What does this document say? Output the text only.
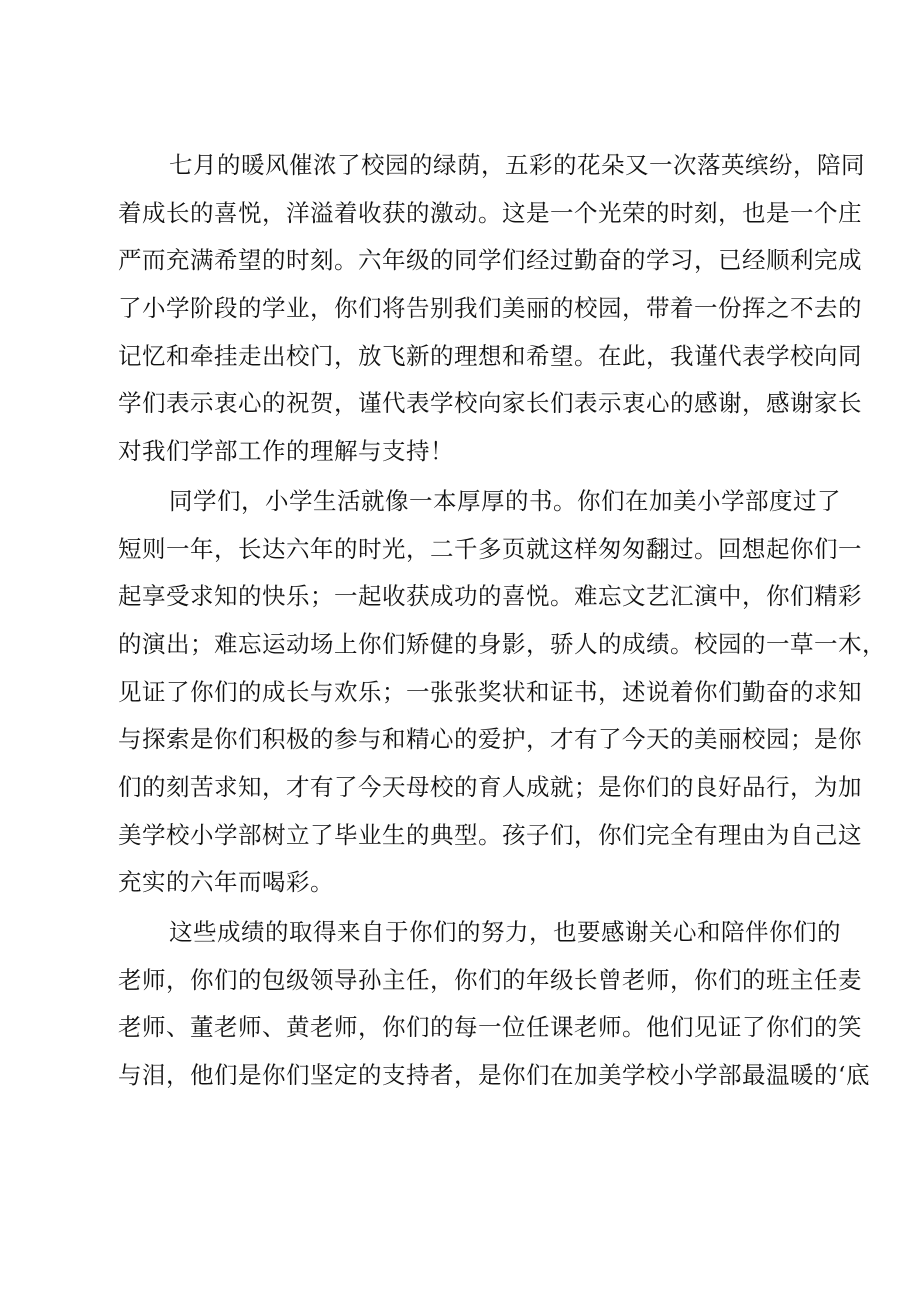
七月的暖风催浓了校园的绿荫，五彩的花朵又一次落英缤纷，陪同
着成长的喜悦，洋溢着收获的激动。这是一个光荣的时刻，也是一个庄
严而充满希望的时刻。六年级的同学们经过勤奋的学习，已经顺利完成
了小学阶段的学业，你们将告别我们美丽的校园，带着一份挥之不去的
记忆和牵挂走出校门，放飞新的理想和希望。在此，我谨代表学校向同
学们表示衷心的祝贺，谨代表学校向家长们表示衷心的感谢，感谢家长
对我们学部工作的理解与支持！
同学们，小学生活就像一本厚厚的书。你们在加美小学部度过了
短则一年，长达六年的时光，二千多页就这样匆匆翻过。回想起你们一
起享受求知的快乐；一起收获成功的喜悦。难忘文艺汇演中，你们精彩
的演出；难忘运动场上你们矫健的身影，骄人的成绩。校园的一草一木，
见证了你们的成长与欢乐；一张张奖状和证书，述说着你们勤奋的求知
与探索是你们积极的参与和精心的爱护，才有了今天的美丽校园；是你
们的刻苦求知，才有了今天母校的育人成就；是你们的良好品行，为加
美学校小学部树立了毕业生的典型。孩子们，你们完全有理由为自己这
充实的六年而喝彩。
这些成绩的取得来自于你们的努力，也要感谢关心和陪伴你们的
老师，你们的包级领导孙主任，你们的年级长曾老师，你们的班主任麦
老师、董老师、黄老师，你们的每一位任课老师。他们见证了你们的笑
与泪，他们是你们坚定的支持者，是你们在加美学校小学部最温暖的‘底
